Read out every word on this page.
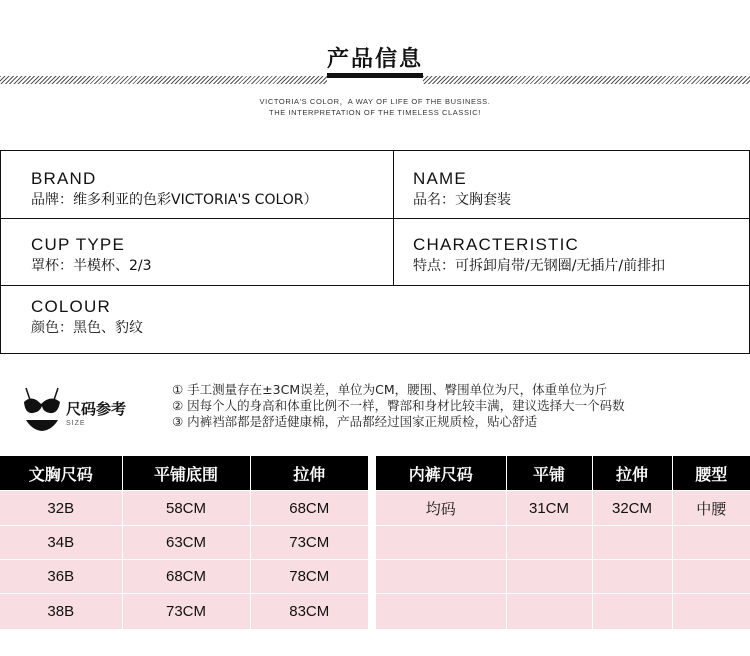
产品信息
VICTORIA'S COLOR，A WAY OF LIFE OF THE BUSINESS.
THE INTERPRETATION OF THE TIMELESS CLASSIC!
BRAND
品牌：维多利亚的色彩VICTORIA'S COLOR）
NAME
品名：文胸套装
CUP TYPE
罩杯：半模杯、2/3
CHARACTERISTIC
特点：可拆卸肩带/无钢圈/无插片/前排扣
COLOUR
颜色：黑色、豹纹
尺码参考
SIZE
① 手工测量存在±3CM误差，单位为CM，腰围、臀围单位为尺，体重单位为斤
② 因每个人的身高和体重比例不一样，臀部和身材比较丰满，建议选择大一个码数
③ 内裤裆部都是舒适健康棉，产品都经过国家正规质检，贴心舒适
文胸尺码	平铺底围	拉伸
32B	58CM	68CM
34B	63CM	73CM
36B	68CM	78CM
38B	73CM	83CM
内裤尺码	平铺	拉伸	腰型
均码	31CM	32CM	中腰
